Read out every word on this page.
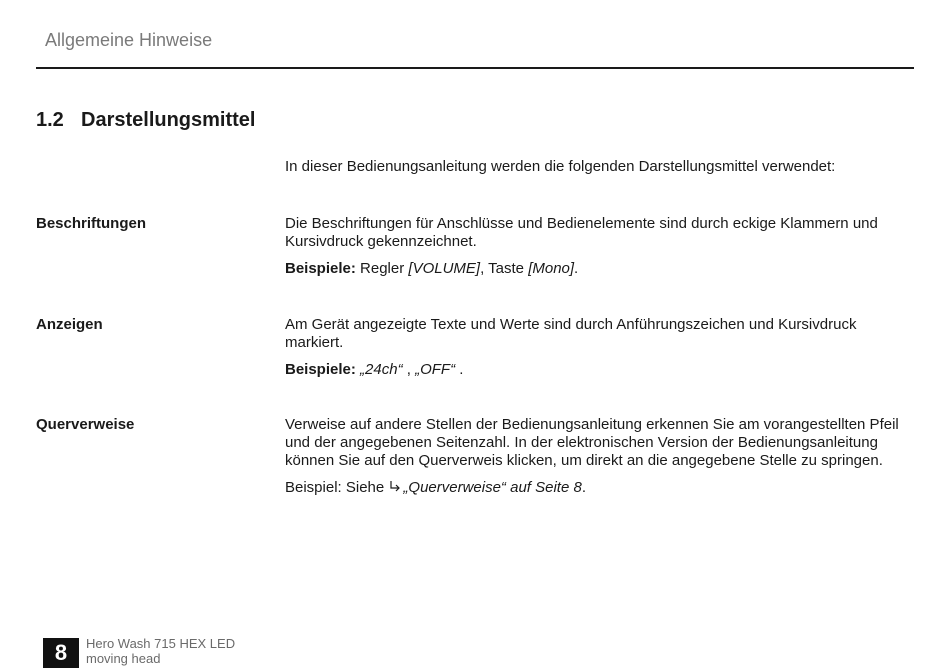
Allgemeine Hinweise
1.2 Darstellungsmittel
In dieser Bedienungsanleitung werden die folgenden Darstellungsmittel verwendet:
Beschriftungen	Die Beschriftungen für Anschlüsse und Bedienelemente sind durch eckige Klammern und Kursivdruck gekennzeichnet.

Beispiele: Regler [VOLUME], Taste [Mono].

Anzeigen	Am Gerät angezeigte Texte und Werte sind durch Anführungszeichen und Kursivdruck markiert.

Beispiele: „24ch“ , „OFF“ .

Querverweise	Verweise auf andere Stellen der Bedienungsanleitung erkennen Sie am vorangestellten Pfeil und der angegebenen Seitenzahl. In der elektronischen Version der Bedienungsanleitung können Sie auf den Querverweis klicken, um direkt an die angegebene Stelle zu springen.

Beispiel: Siehe „Querverweise“ auf Seite 8.

8	Hero Wash 715 HEX LED
moving head
